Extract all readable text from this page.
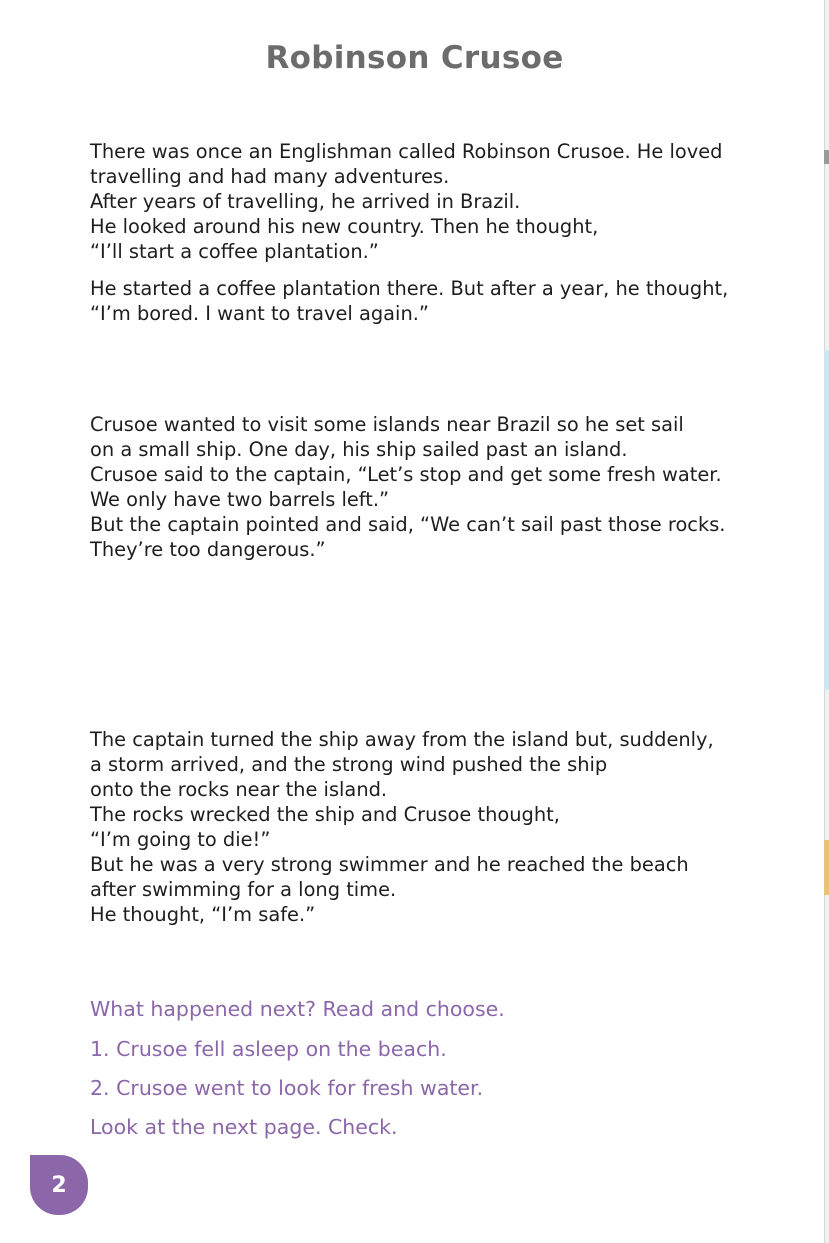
Robinson Crusoe
There was once an Englishman called Robinson Crusoe. He loved
travelling and had many adventures.
After years of travelling, he arrived in Brazil.
He looked around his new country. Then he thought,
“I’ll start a coffee plantation.”
He started a coffee plantation there. But after a year, he thought,
“I’m bored. I want to travel again.”
Crusoe wanted to visit some islands near Brazil so he set sail
on a small ship. One day, his ship sailed past an island.
Crusoe said to the captain, “Let’s stop and get some fresh water.
We only have two barrels left.”
But the captain pointed and said, “We can’t sail past those rocks.
They’re too dangerous.”
The captain turned the ship away from the island but, suddenly,
a storm arrived, and the strong wind pushed the ship
onto the rocks near the island.
The rocks wrecked the ship and Crusoe thought,
“I’m going to die!”
But he was a very strong swimmer and he reached the beach
after swimming for a long time.
He thought, “I’m safe.”
What happened next? Read and choose.
1. Crusoe fell asleep on the beach.
2. Crusoe went to look for fresh water.
Look at the next page. Check.
2
